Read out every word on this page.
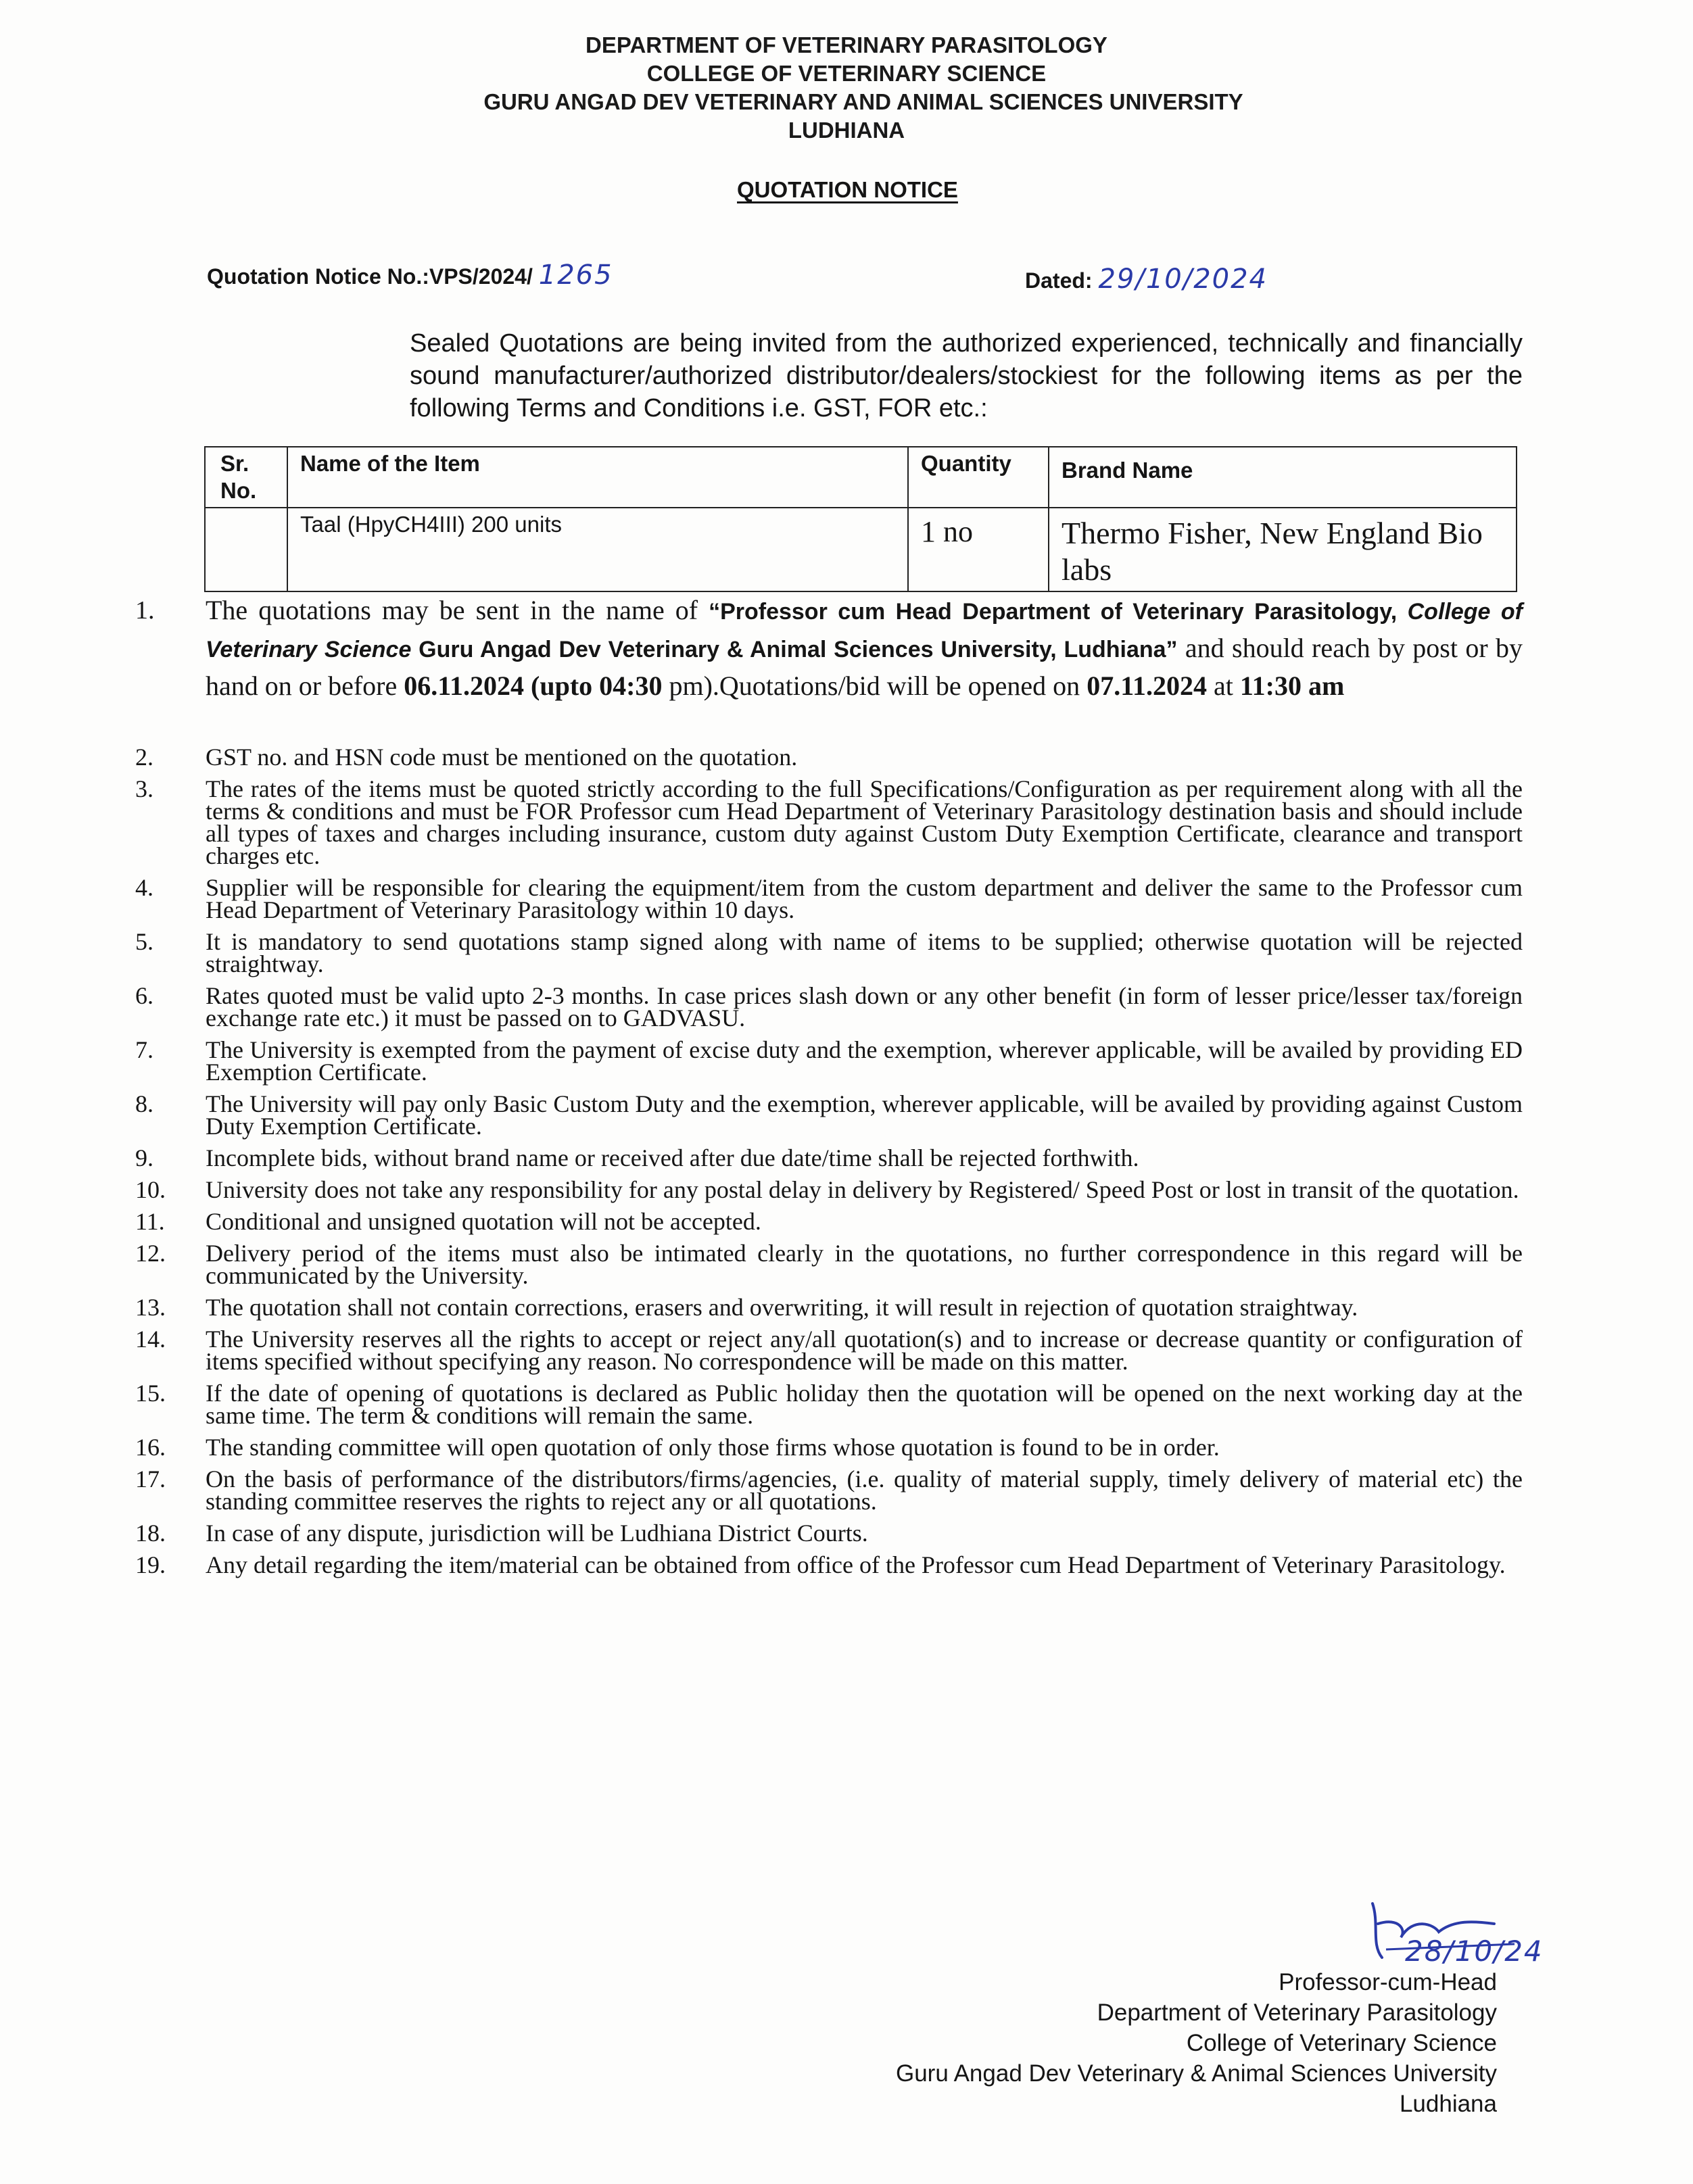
DEPARTMENT OF VETERINARY PARASITOLOGY
COLLEGE OF VETERINARY SCIENCE
GURU ANGAD DEV VETERINARY AND ANIMAL SCIENCES UNIVERSITY
LUDHIANA
QUOTATION NOTICE
Quotation Notice No.:VPS/2024/ 1265	Dated: 29/10/2024
Sealed Quotations are being invited from the authorized experienced, technically and financially sound manufacturer/authorized distributor/dealers/stockiest for the following items as per the following Terms and Conditions i.e. GST, FOR etc.:
Sr. No.	Name of the Item	Quantity	Brand Name
	Taal (HpyCH4III) 200 units	1 no	Thermo Fisher, New England Bio labs
1.	The quotations may be sent in the name of “Professor cum Head Department of Veterinary Parasitology, College of Veterinary Science Guru Angad Dev Veterinary & Animal Sciences University, Ludhiana” and should reach by post or by hand on or before 06.11.2024 (upto 04:30 pm).Quotations/bid will be opened on 07.11.2024 at 11:30 am
2.	GST no. and HSN code must be mentioned on the quotation.
3.	The rates of the items must be quoted strictly according to the full Specifications/Configuration as per requirement along with all the terms & conditions and must be FOR Professor cum Head Department of Veterinary Parasitology destination basis and should include all types of taxes and charges including insurance, custom duty against Custom Duty Exemption Certificate, clearance and transport charges etc.
4.	Supplier will be responsible for clearing the equipment/item from the custom department and deliver the same to the Professor cum Head Department of Veterinary Parasitology within 10 days.
5.	It is mandatory to send quotations stamp signed along with name of items to be supplied; otherwise quotation will be rejected straightway.
6.	Rates quoted must be valid upto 2-3 months. In case prices slash down or any other benefit (in form of lesser price/lesser tax/foreign exchange rate etc.) it must be passed on to GADVASU.
7.	The University is exempted from the payment of excise duty and the exemption, wherever applicable, will be availed by providing ED Exemption Certificate.
8.	The University will pay only Basic Custom Duty and the exemption, wherever applicable, will be availed by providing against Custom Duty Exemption Certificate.
9.	Incomplete bids, without brand name or received after due date/time shall be rejected forthwith.
10.	University does not take any responsibility for any postal delay in delivery by Registered/ Speed Post or lost in transit of the quotation.
11.	Conditional and unsigned quotation will not be accepted.
12.	Delivery period of the items must also be intimated clearly in the quotations, no further correspondence in this regard will be communicated by the University.
13.	The quotation shall not contain corrections, erasers and overwriting, it will result in rejection of quotation straightway.
14.	The University reserves all the rights to accept or reject any/all quotation(s) and to increase or decrease quantity or configuration of items specified without specifying any reason. No correspondence will be made on this matter.
15.	If the date of opening of quotations is declared as Public holiday then the quotation will be opened on the next working day at the same time. The term & conditions will remain the same.
16.	The standing committee will open quotation of only those firms whose quotation is found to be in order.
17.	On the basis of performance of the distributors/firms/agencies, (i.e. quality of material supply, timely delivery of material etc) the standing committee reserves the rights to reject any or all quotations.
18.	In case of any dispute, jurisdiction will be Ludhiana District Courts.
19.	Any detail regarding the item/material can be obtained from office of the Professor cum Head Department of Veterinary Parasitology.
28/10/24
Professor-cum-Head
Department of Veterinary Parasitology
College of Veterinary Science
Guru Angad Dev Veterinary & Animal Sciences University
Ludhiana
